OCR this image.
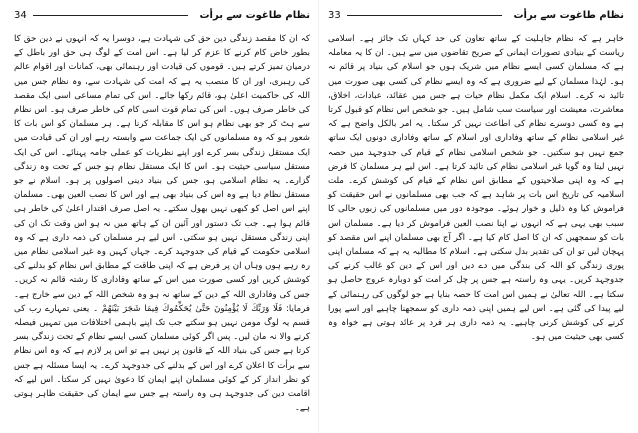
نظام طاغوت سے برأت
34

کہ ان کا مقصد زندگی دین حق کی شہادت ہے، دوسرا یہ کہ انہوں نے دین حق کا بطور خاص کام کرنے کا عزم کر لیا ہے۔ اس امت کے لوگ ہی حق اور باطل کے درمیان تمیز کرتے ہیں۔ قوموں کی قیادت اور رہنمائی بھی، کمانات اور اقوام عالم کی رہبری، اور ان کا منصب یہ ہے کہ امت کی شہادت سے، وہ نظام جس میں اللہ کی حاکمیت اعلیٰ ہو، قائم رکھا جائے۔ اس کی تمام مساعی اسی ایک مقصد کی خاطر صرف ہوں۔ اس کی تمام قوت اسی کام کی خاطر صرف ہو۔ اس نظام سے ہٹ کر جو بھی نظام ہو اس کا مقابلہ کرنا ہے۔ ہر مسلمان کو اس بات کا شعور ہو کہ وہ مسلمانوں کی ایک جماعت سے وابستہ رہے اور ان کی قیادت میں ایک مستقل زندگی بسر کرے اور اپنے نظریات کو عملی جامہ پہنائے۔ اس کی ایک مستقل سیاسی حیثیت ہو۔ اس کا ایک مستقل نظام ہو جس کے تحت وہ زندگی گزارے۔ یہ نظام اسلامی ہو، جس کی بنیاد دینی اصولوں پر ہو۔ اسلام نے جو مستقل نظام دیا ہے وہ اس کی بنیاد بھی ہے اور اس کا نصب العین بھی۔ مسلمان اپنے اس اصل کو کبھی نہیں بھول سکتے۔ یہ اصل صرف اقتدار اعلیٰ کی خاطر ہی قائم ہوا ہے۔ جب تک دستور اور آئین ان کے ہاتھ میں نہ ہو اس وقت تک ان کی اپنی زندگی مستقل نہیں ہو سکتی۔ اس لیے ہر مسلمان کی ذمہ داری ہے کہ وہ اسلامی حکومت کے قیام کی جدوجہد کرے۔ جہاں کہیں وہ غیر اسلامی نظام میں رہ رہے ہوں وہاں ان پر فرض ہے کہ اپنی طاقت کے مطابق اس نظام کو بدلنے کی کوشش کریں اور کسی صورت میں اس کے ساتھ وفاداری کا رشتہ قائم نہ کریں۔ جس کی وفاداری اللہ کے دین کے ساتھ نہ ہو وہ شخص اللہ کے دین سے خارج ہے۔ فرمایا: فَلَا وَرَبِّكَ لَا يُؤْمِنُونَ حَتَّىٰ يُحَكِّمُوكَ فِيمَا شَجَرَ بَيْنَهُمْ ۔ یعنی تمہارے رب کی قسم یہ لوگ مومن نہیں ہو سکتے جب تک اپنے باہمی اختلافات میں تمہیں فیصلہ کرنے والا نہ مان لیں۔ پس اگر کوئی مسلمان کسی ایسے نظام کے تحت زندگی بسر کرتا ہے جس کی بنیاد اللہ کے قانون پر نہیں ہے تو اس پر لازم ہے کہ وہ اس نظام سے برأت کا اعلان کرے اور اس کے بدلنے کی جدوجہد کرے۔ یہ ایسا مسئلہ ہے جس کو نظر انداز کر کے کوئی مسلمان اپنے ایمان کا دعویٰ نہیں کر سکتا۔ اس لیے کہ اقامت دین کی جدوجہد ہی وہ راستہ ہے جس سے ایمان کی حقیقت ظاہر ہوتی ہے۔

نظام طاغوت سے برأت
33

خاہر ہے کہ نظام جاہلیت کے ساتھ تعاون کی حد کہاں تک جائز ہے۔ اسلامی ریاست کے بنیادی تصورات ایمانی کے صریح تقاضوں میں سے ہیں۔ ان کا یہ معاملہ ہے کہ مسلمان کسی ایسے نظام میں شریک ہوں جو اسلام کی بنیاد پر قائم نہ ہو۔ لہٰذا مسلمان کے لیے ضروری ہے کہ وہ ایسے نظام کی کسی بھی صورت میں تائید نہ کرے۔ اسلام ایک مکمل نظام حیات ہے جس میں عقائد، عبادات، اخلاق، معاشرت، معیشت اور سیاست سب شامل ہیں۔ جو شخص اس نظام کو قبول کرتا ہے وہ کسی دوسرے نظام کی اطاعت نہیں کر سکتا۔ یہ امر بالکل واضح ہے کہ غیر اسلامی نظام کے ساتھ وفاداری اور اسلام کے ساتھ وفاداری دونوں ایک ساتھ جمع نہیں ہو سکتیں۔ جو شخص اسلامی نظام کے قیام کی جدوجہد میں حصہ نہیں لیتا وہ گویا غیر اسلامی نظام کی تائید کرتا ہے۔ اس لیے ہر مسلمان کا فرض ہے کہ وہ اپنی صلاحیتوں کے مطابق اس نظام کے قیام کی کوشش کرے۔ ملت اسلامیہ کی تاریخ اس بات پر شاہد ہے کہ جب بھی مسلمانوں نے اس حقیقت کو فراموش کیا وہ ذلیل و خوار ہوئے۔ موجودہ دور میں مسلمانوں کی زبوں حالی کا سبب بھی یہی ہے کہ انہوں نے اپنا نصب العین فراموش کر دیا ہے۔ مسلمان اس بات کو سمجھیں کہ ان کا اصل کام کیا ہے۔ اگر آج بھی مسلمان اپنے اس مقصد کو پہچان لیں تو ان کی تقدیر بدل سکتی ہے۔ اسلام کا مطالبہ یہ ہے کہ مسلمان اپنی پوری زندگی کو اللہ کی بندگی میں دے دیں اور اس کے دین کو غالب کرنے کی جدوجہد کریں۔ یہی وہ راستہ ہے جس پر چل کر امت کو دوبارہ عروج حاصل ہو سکتا ہے۔ اللہ تعالیٰ نے ہمیں اس امت کا حصہ بنایا ہے جو لوگوں کی رہنمائی کے لیے پیدا کی گئی ہے۔ اس لیے ہمیں اپنی ذمہ داری کو سمجھنا چاہیے اور اسے پورا کرنے کی کوشش کرنی چاہیے۔ یہ ذمہ داری ہر فرد پر عائد ہوتی ہے خواہ وہ کسی بھی حیثیت میں ہو۔
